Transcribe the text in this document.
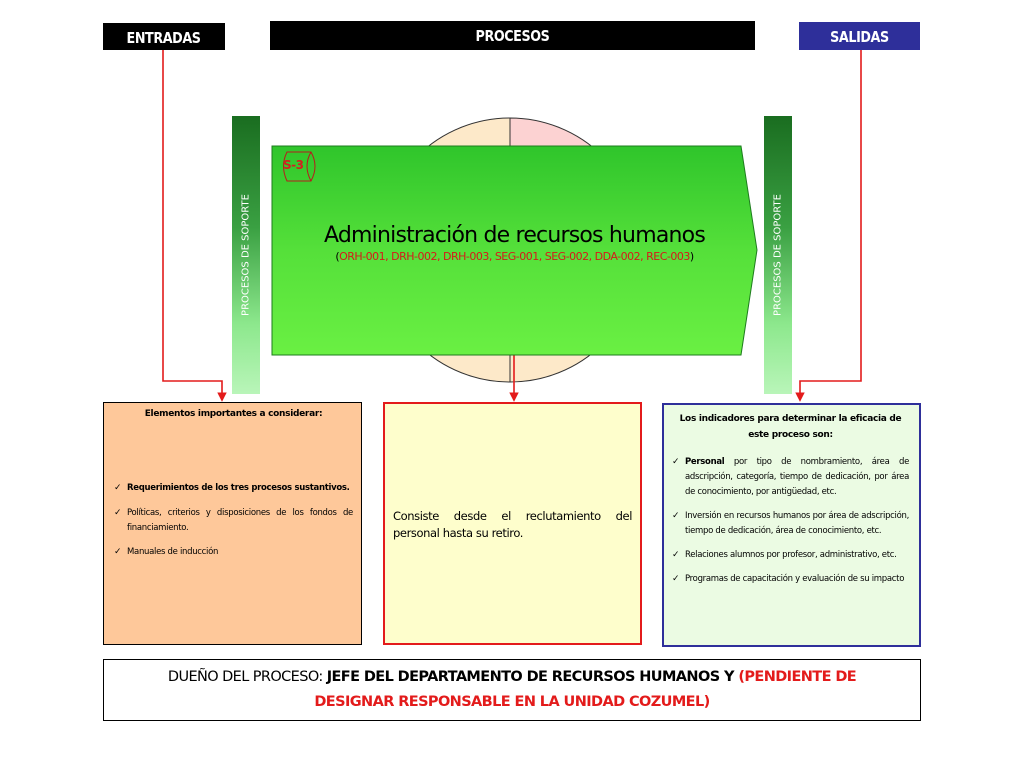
ENTRADAS	PROCESOS	SALIDAS
PROCESOS DE SOPORTE	PROCESOS DE SOPORTE
S-3
Administración de recursos humanos
(ORH-001, DRH-002, DRH-003, SEG-001, SEG-002, DDA-002, REC-003)
Elementos importantes a considerar:
✓ Requerimientos de los tres procesos sustantivos.
✓ Políticas, criterios y disposiciones de los fondos de financiamiento.
✓ Manuales de inducción
Consiste desde el reclutamiento del personal hasta su retiro.
Los indicadores para determinar la eficacia de este proceso son:
✓ Personal por tipo de nombramiento, área de adscripción, categoría, tiempo de dedicación, por área de conocimiento, por antigüedad, etc.
✓ Inversión en recursos humanos por área de adscripción, tiempo de dedicación, área de conocimiento, etc.
✓ Relaciones alumnos por profesor, administrativo, etc.
✓ Programas de capacitación y evaluación de su impacto
DUEÑO DEL PROCESO: JEFE DEL DEPARTAMENTO DE RECURSOS HUMANOS Y (PENDIENTE DE DESIGNAR RESPONSABLE EN LA UNIDAD COZUMEL)
